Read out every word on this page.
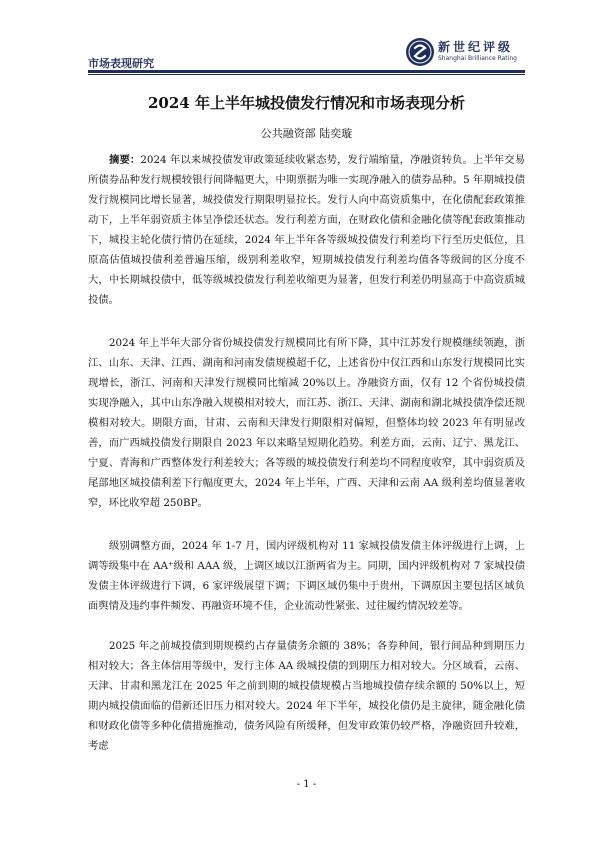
市场表现研究
新世纪评级
Shanghai Brilliance Rating
2024 年上半年城投债发行情况和市场表现分析
公共融资部 陆奕璇

摘要：2024 年以来城投债发审政策延续收紧态势，发行端缩量，净融资转负。上半年交易所债券品种发行规模较银行间降幅更大，中期票据为唯一实现净融入的债券品种。5 年期城投债发行规模同比增长显著，城投债发行期限明显拉长。发行人向中高资质集中，在化债配套政策推动下，上半年弱资质主体呈净偿还状态。发行利差方面，在财政化债和金融化债等配套政策推动下，城投主轮化债行情仍在延续，2024 年上半年各等级城投债发行利差均下行至历史低位，且原高估值城投债利差普遍压缩，级别利差收窄，短期城投债发行利差均值各等级间的区分度不大，中长期城投债中，低等级城投债发行利差收缩更为显著，但发行利差仍明显高于中高资质城投债。

2024 年上半年大部分省份城投债发行规模同比有所下降，其中江苏发行规模继续领跑，浙江、山东、天津、江西、湖南和河南发债规模超千亿，上述省份中仅江西和山东发行规模同比实现增长，浙江、河南和天津发行规模同比缩减 20%以上。净融资方面，仅有 12 个省份城投债实现净融入，其中山东净融入规模相对较大，而江苏、浙江、天津、湖南和湖北城投债净偿还规模相对较大。期限方面，甘肃、云南和天津发行期限相对偏短，但整体均较 2023 年有明显改善，而广西城投债发行期限自 2023 年以来略呈短期化趋势。利差方面，云南、辽宁、黑龙江、宁夏、青海和广西整体发行利差较大；各等级的城投债发行利差均不同程度收窄，其中弱资质及尾部地区城投债利差下行幅度更大，2024 年上半年，广西、天津和云南 AA 级利差均值显著收窄，环比收窄超 250BP。

级别调整方面，2024 年 1-7 月，国内评级机构对 11 家城投债发债主体评级进行上调，上调等级集中在 AA⁺级和 AAA 级，上调区域以江浙两省为主。同期，国内评级机构对 7 家城投债发债主体评级进行下调，6 家评级展望下调；下调区域仍集中于贵州，下调原因主要包括区域负面舆情及违约事件频发、再融资环境不佳，企业流动性紧张、过往履约情况较差等。

2025 年之前城投债到期规模约占存量债务余额的 38%；各券种间，银行间品种到期压力相对较大；各主体信用等级中，发行主体 AA 级城投债的到期压力相对较大。分区域看，云南、天津、甘肃和黑龙江在 2025 年之前到期的城投债规模占当地城投债存续余额的 50%以上，短期内城投债面临的借新还旧压力相对较大。2024 年下半年，城投化债仍是主旋律，随金融化债和财政化债等多种化债措施推动，债务风险有所缓释，但发审政策仍较严格，净融资回升较难，考虑

- 1 -
